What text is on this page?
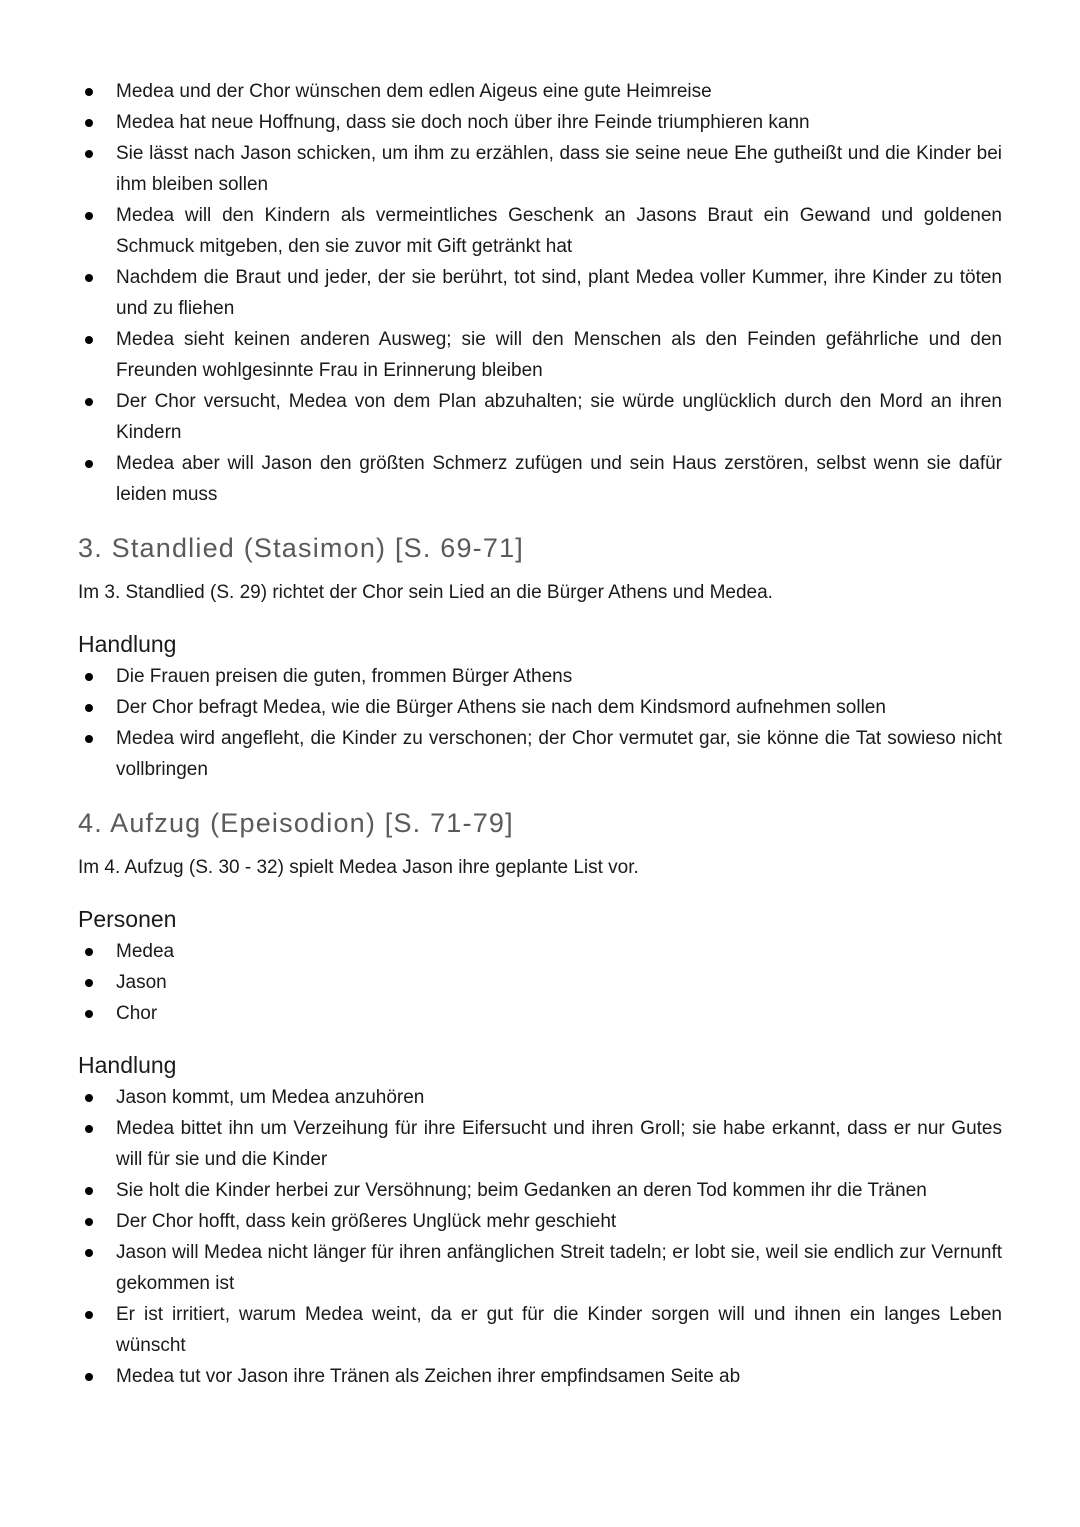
Medea und der Chor wünschen dem edlen Aigeus eine gute Heimreise
Medea hat neue Hoffnung, dass sie doch noch über ihre Feinde triumphieren kann
Sie lässt nach Jason schicken, um ihm zu erzählen, dass sie seine neue Ehe gutheißt und die Kinder bei ihm bleiben sollen
Medea will den Kindern als vermeintliches Geschenk an Jasons Braut ein Gewand und goldenen Schmuck mitgeben, den sie zuvor mit Gift getränkt hat
Nachdem die Braut und jeder, der sie berührt, tot sind, plant Medea voller Kummer, ihre Kinder zu töten und zu fliehen
Medea sieht keinen anderen Ausweg; sie will den Menschen als den Feinden gefährliche und den Freunden wohlgesinnte Frau in Erinnerung bleiben
Der Chor versucht, Medea von dem Plan abzuhalten; sie würde unglücklich durch den Mord an ihren Kindern
Medea aber will Jason den größten Schmerz zufügen und sein Haus zerstören, selbst wenn sie dafür leiden muss
3. Standlied (Stasimon) [S. 69-71]

Im 3. Standlied (S. 29) richtet der Chor sein Lied an die Bürger Athens und Medea.

Handlung
Die Frauen preisen die guten, frommen Bürger Athens
Der Chor befragt Medea, wie die Bürger Athens sie nach dem Kindsmord aufnehmen sollen
Medea wird angefleht, die Kinder zu verschonen; der Chor vermutet gar, sie könne die Tat sowieso nicht vollbringen
4. Aufzug (Epeisodion) [S. 71-79]

Im 4. Aufzug (S. 30 - 32) spielt Medea Jason ihre geplante List vor.

Personen
Medea
Jason
Chor
Handlung
Jason kommt, um Medea anzuhören
Medea bittet ihn um Verzeihung für ihre Eifersucht und ihren Groll; sie habe erkannt, dass er nur Gutes will für sie und die Kinder
Sie holt die Kinder herbei zur Versöhnung; beim Gedanken an deren Tod kommen ihr die Tränen
Der Chor hofft, dass kein größeres Unglück mehr geschieht
Jason will Medea nicht länger für ihren anfänglichen Streit tadeln; er lobt sie, weil sie endlich zur Vernunft gekommen ist
Er ist irritiert, warum Medea weint, da er gut für die Kinder sorgen will und ihnen ein langes Leben wünscht
Medea tut vor Jason ihre Tränen als Zeichen ihrer empfindsamen Seite ab
